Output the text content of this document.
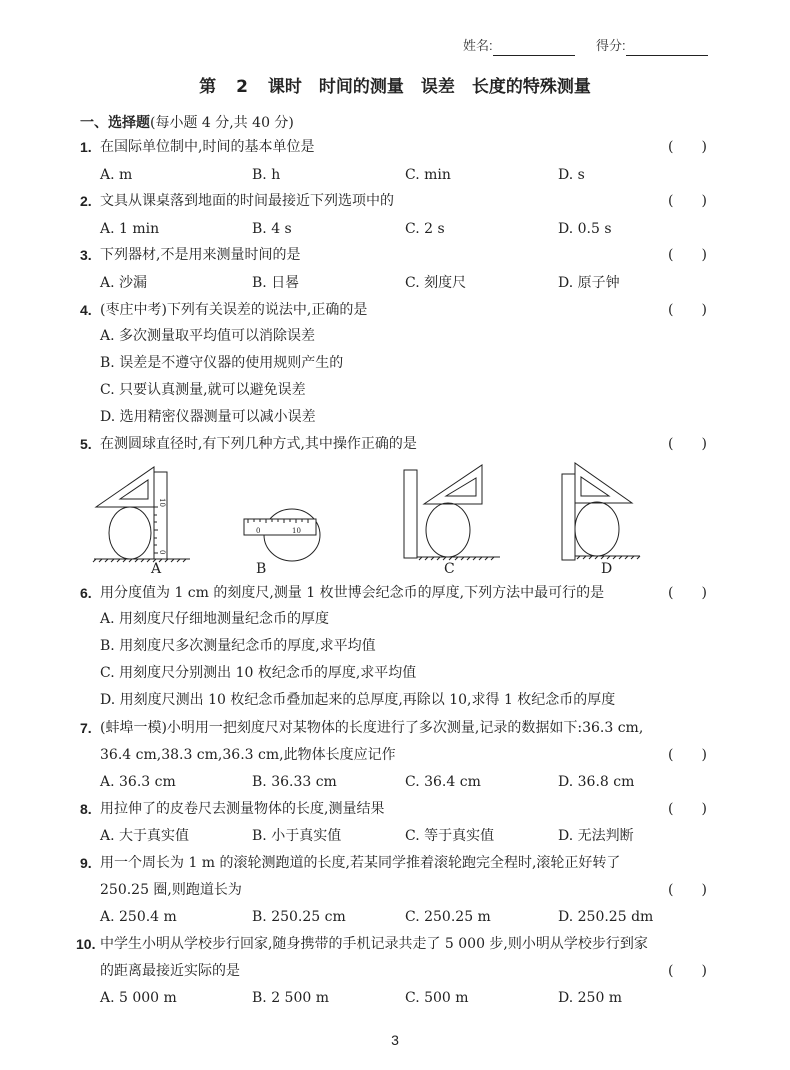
姓名:	得分:
第 2 课时　时间的测量　误差　长度的特殊测量
一、选择题(每小题 4 分,共 40 分)
1. 在国际单位制中,时间的基本单位是	(　　)
A. m	B. h	C. min	D. s
2. 文具从课桌落到地面的时间最接近下列选项中的	(　　)
A. 1 min	B. 4 s	C. 2 s	D. 0.5 s
3. 下列器材,不是用来测量时间的是	(　　)
A. 沙漏	B. 日晷	C. 刻度尺	D. 原子钟
4. (枣庄中考)下列有关误差的说法中,正确的是	(　　)
A. 多次测量取平均值可以消除误差
B. 误差是不遵守仪器的使用规则产生的
C. 只要认真测量,就可以避免误差
D. 选用精密仪器测量可以减小误差
5. 在测圆球直径时,有下列几种方式,其中操作正确的是	(　　)
A
0
10
0	10
B	C	D
6. 用分度值为 1 cm 的刻度尺,测量 1 枚世博会纪念币的厚度,下列方法中最可行的是	(　　)
A. 用刻度尺仔细地测量纪念币的厚度
B. 用刻度尺多次测量纪念币的厚度,求平均值
C. 用刻度尺分别测出 10 枚纪念币的厚度,求平均值
D. 用刻度尺测出 10 枚纪念币叠加起来的总厚度,再除以 10,求得 1 枚纪念币的厚度
7. (蚌埠一模)小明用一把刻度尺对某物体的长度进行了多次测量,记录的数据如下:36.3 cm,
36.4 cm,38.3 cm,36.3 cm,此物体长度应记作	(　　)
A. 36.3 cm	B. 36.33 cm	C. 36.4 cm	D. 36.8 cm
8. 用拉伸了的皮卷尺去测量物体的长度,测量结果	(　　)
A. 大于真实值	B. 小于真实值	C. 等于真实值	D. 无法判断
9. 用一个周长为 1 m 的滚轮测跑道的长度,若某同学推着滚轮跑完全程时,滚轮正好转了
250.25 圈,则跑道长为	(　　)
A. 250.4 m	B. 250.25 cm	C. 250.25 m	D. 250.25 dm
10. 中学生小明从学校步行回家,随身携带的手机记录共走了 5 000 步,则小明从学校步行到家
的距离最接近实际的是	(　　)
A. 5 000 m	B. 2 500 m	C. 500 m	D. 250 m
3
